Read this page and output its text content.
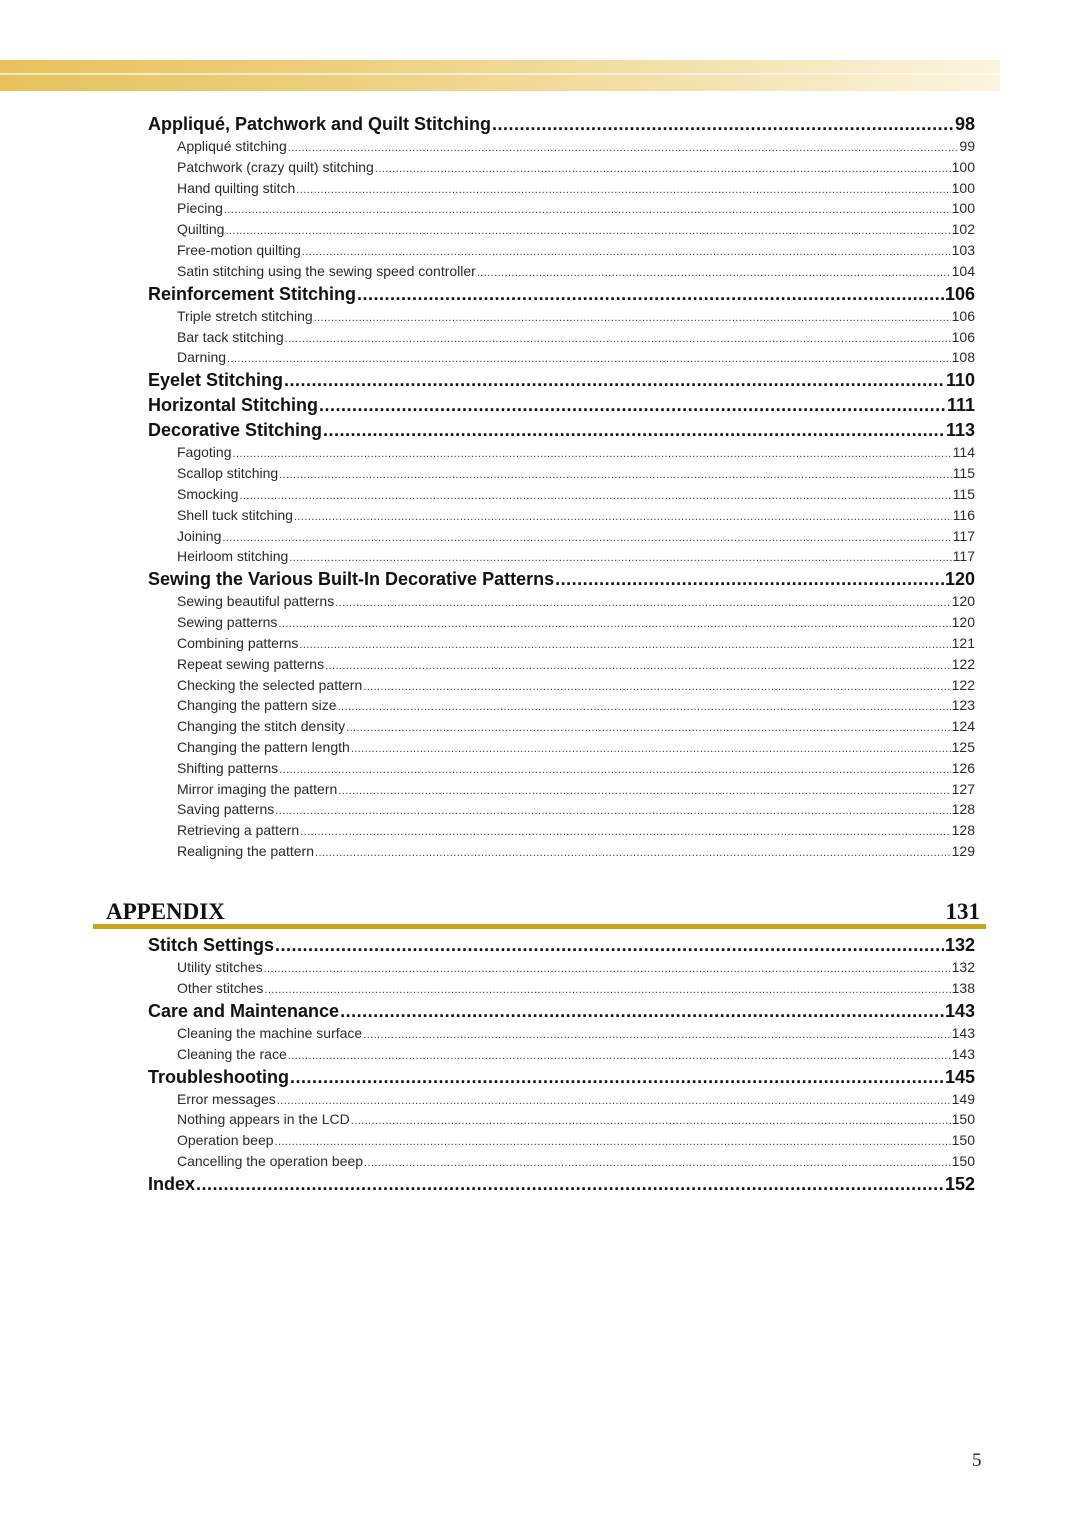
Appliqué, Patchwork and Quilt Stitching .....	98
Appliqué stitching .....	99
Patchwork (crazy quilt) stitching .....	100
Hand quilting stitch .....	100
Piecing .....	100
Quilting .....	102
Free-motion quilting .....	103
Satin stitching using the sewing speed controller .....	104
Reinforcement Stitching .....	106
Triple stretch stitching .....	106
Bar tack stitching .....	106
Darning .....	108
Eyelet Stitching .....	110
Horizontal Stitching .....	111
Decorative Stitching .....	113
Fagoting .....	114
Scallop stitching .....	115
Smocking .....	115
Shell tuck stitching .....	116
Joining .....	117
Heirloom stitching .....	117
Sewing the Various Built-In Decorative Patterns .....	120
Sewing beautiful patterns .....	120
Sewing patterns .....	120
Combining patterns .....	121
Repeat sewing patterns .....	122
Checking the selected pattern .....	122
Changing the pattern size .....	123
Changing the stitch density .....	124
Changing the pattern length .....	125
Shifting patterns .....	126
Mirror imaging the pattern .....	127
Saving patterns .....	128
Retrieving a pattern .....	128
Realigning the pattern .....	129
APPENDIX	131
Stitch Settings .....	132
Utility stitches .....	132
Other stitches .....	138
Care and Maintenance .....	143
Cleaning the machine surface .....	143
Cleaning the race .....	143
Troubleshooting .....	145
Error messages .....	149
Nothing appears in the LCD .....	150
Operation beep .....	150
Cancelling the operation beep .....	150
Index .....	152
5
